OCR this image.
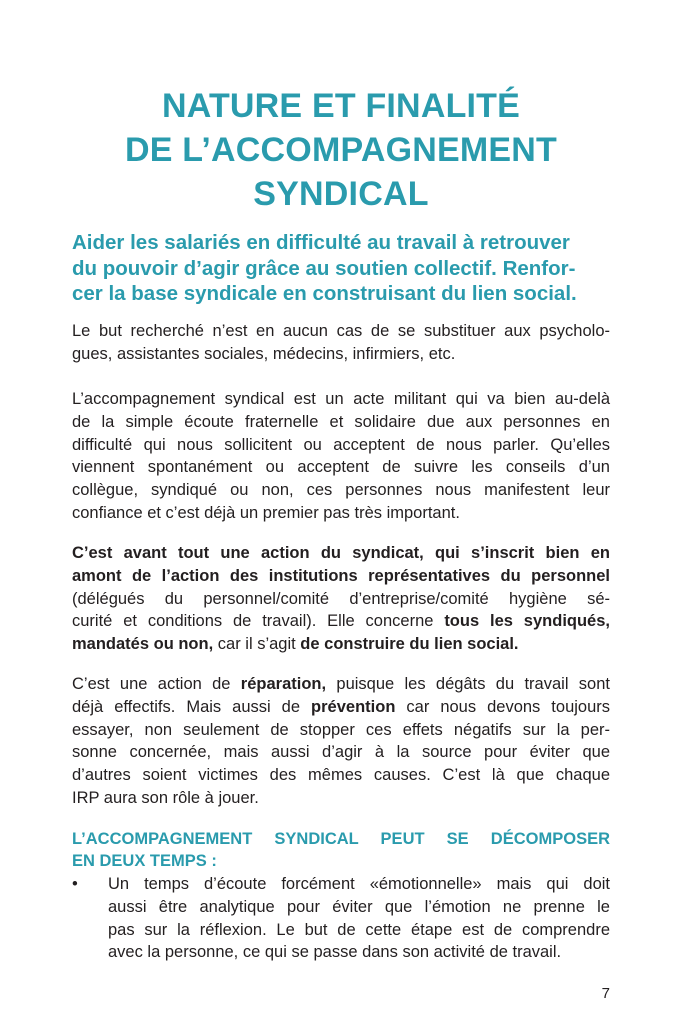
NATURE ET FINALITÉ
DE L’ACCOMPAGNEMENT
SYNDICAL
Aider les salariés en difficulté au travail à retrouver
du pouvoir d’agir grâce au soutien collectif. Renfor-
cer la base syndicale en construisant du lien social.

Le but recherché n’est en aucun cas de se substituer aux psycholo-
gues, assistantes sociales, médecins, infirmiers, etc.

L’accompagnement syndical est un acte militant qui va bien au-delà
de la simple écoute fraternelle et solidaire due aux personnes en
difficulté qui nous sollicitent ou acceptent de nous parler. Qu’elles
viennent spontanément ou acceptent de suivre les conseils d’un
collègue, syndiqué ou non, ces personnes nous manifestent leur
confiance et c’est déjà un premier pas très important.

C’est avant tout une action du syndicat, qui s’inscrit bien en
amont de l’action des institutions représentatives du personnel
(délégués du personnel/comité d’entreprise/comité hygiène sé-
curité et conditions de travail). Elle concerne tous les syndiqués,
mandatés ou non, car il s’agit de construire du lien social.

C’est une action de réparation, puisque les dégâts du travail sont
déjà effectifs. Mais aussi de prévention car nous devons toujours
essayer, non seulement de stopper ces effets négatifs sur la per-
sonne concernée, mais aussi d’agir à la source pour éviter que
d’autres soient victimes des mêmes causes. C’est là que chaque
IRP aura son rôle à jouer.

L’ACCOMPAGNEMENT SYNDICAL PEUT SE DÉCOMPOSER
EN DEUX TEMPS :
• Un temps d’écoute forcément «émotionnelle» mais qui doit
aussi être analytique pour éviter que l’émotion ne prenne le
pas sur la réflexion. Le but de cette étape est de comprendre
avec la personne, ce qui se passe dans son activité de travail.
7
